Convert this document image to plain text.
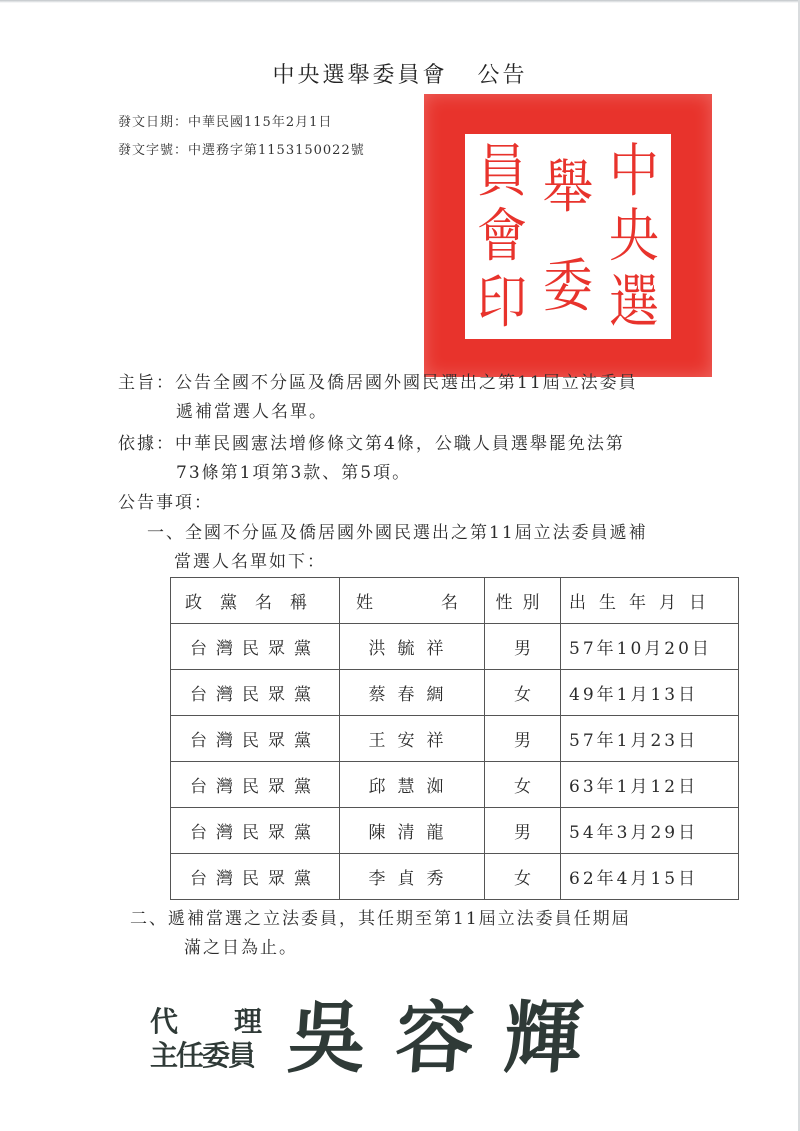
中央選舉委員會 公告
發文日期：中華民國115年2月1日
發文字號：中選務字第1153150022號	中
央
選
舉
委
員
會
印
主旨：公告全國不分區及僑居國外國民選出之第11屆立法委員
遞補當選人名單。
依據：中華民國憲法增修條文第4條，公職人員選舉罷免法第
73條第1項第3款、第5項。
公告事項：
一、全國不分區及僑居國外國民選出之第11屆立法委員遞補
當選人名單如下：
政黨名稱	姓 名	性別	出生年月日
台灣民眾黨	洪毓祥	男	57年10月20日
台灣民眾黨	蔡春綢	女	49年1月13日
台灣民眾黨	王安祥	男	57年1月23日
台灣民眾黨	邱慧洳	女	63年1月12日
台灣民眾黨	陳清龍	男	54年3月29日
台灣民眾黨	李貞秀	女	62年4月15日
二、遞補當選之立法委員，其任期至第11屆立法委員任期屆
滿之日為止。
代 理
主任委員 吳容輝
